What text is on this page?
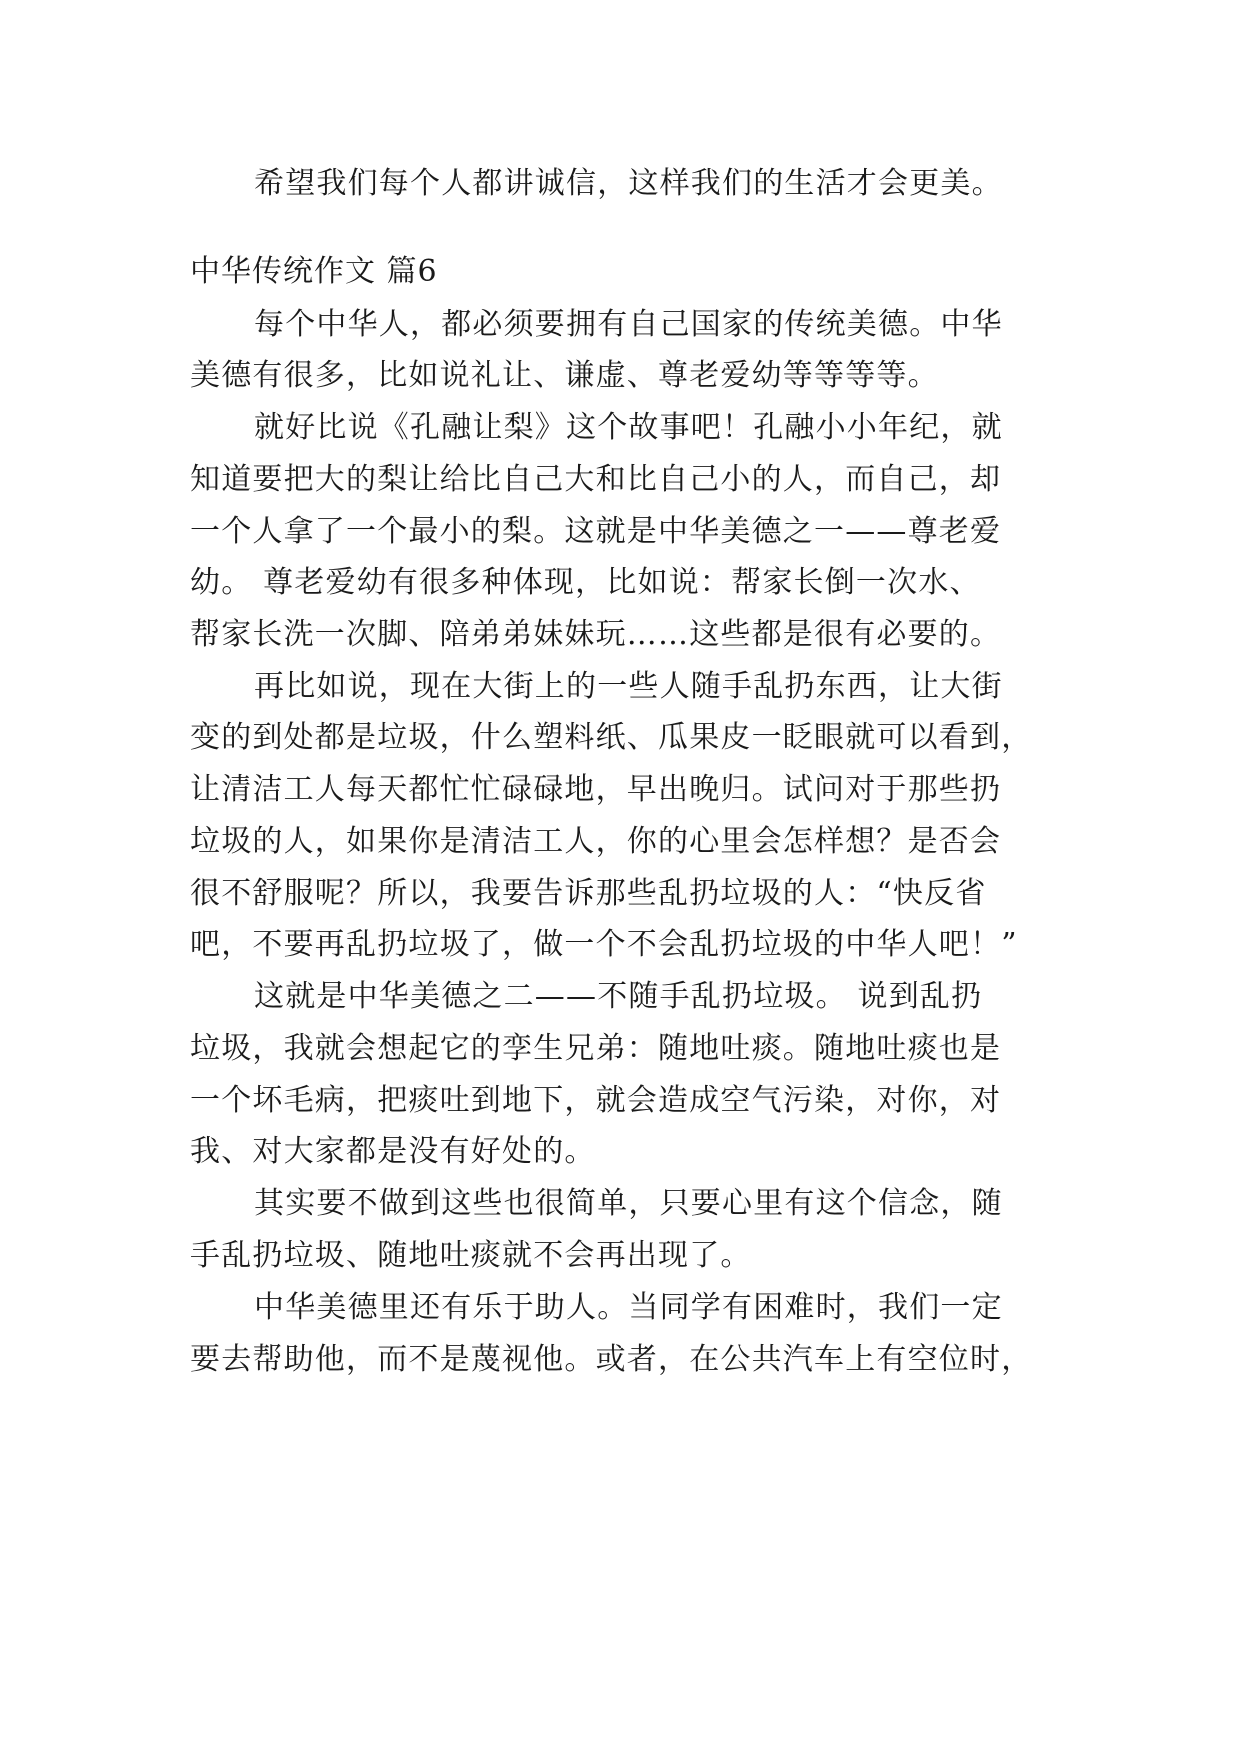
希望我们每个人都讲诚信，这样我们的生活才会更美。
中华传统作文 篇6
每个中华人，都必须要拥有自己国家的传统美德。中华
美德有很多，比如说礼让、谦虚、尊老爱幼等等等等。
就好比说《孔融让梨》这个故事吧！孔融小小年纪，就
知道要把大的梨让给比自己大和比自己小的人，而自己，却
一个人拿了一个最小的梨。这就是中华美德之一——尊老爱
幼。 尊老爱幼有很多种体现，比如说：帮家长倒一次水、
帮家长洗一次脚、陪弟弟妹妹玩……这些都是很有必要的。
再比如说，现在大街上的一些人随手乱扔东西，让大街
变的到处都是垃圾，什么塑料纸、瓜果皮一眨眼就可以看到，
让清洁工人每天都忙忙碌碌地，早出晚归。试问对于那些扔
垃圾的人，如果你是清洁工人，你的心里会怎样想？是否会
很不舒服呢？所以，我要告诉那些乱扔垃圾的人：“快反省
吧，不要再乱扔垃圾了，做一个不会乱扔垃圾的中华人吧！”
这就是中华美德之二——不随手乱扔垃圾。 说到乱扔
垃圾，我就会想起它的孪生兄弟：随地吐痰。随地吐痰也是
一个坏毛病，把痰吐到地下，就会造成空气污染，对你，对
我、对大家都是没有好处的。
其实要不做到这些也很简单，只要心里有这个信念，随
手乱扔垃圾、随地吐痰就不会再出现了。
中华美德里还有乐于助人。当同学有困难时，我们一定
要去帮助他，而不是蔑视他。或者，在公共汽车上有空位时，
